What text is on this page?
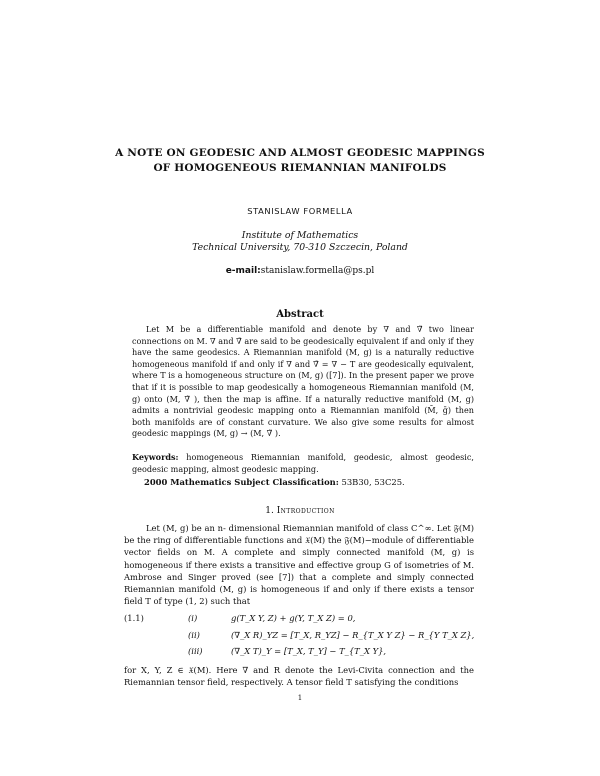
A NOTE ON GEODESIC AND ALMOST GEODESIC MAPPINGS
OF HOMOGENEOUS RIEMANNIAN MANIFOLDS
STANISLAW FORMELLA
Institute of Mathematics
Technical University, 70-310 Szczecin, Poland
e-mail:stanislaw.formella@ps.pl
Abstract

Let M be a differentiable manifold and denote by ∇ and ∇̃ two linear connections on M. ∇ and ∇̃ are said to be geodesically equivalent if and only if they have the same geodesics. A Riemannian manifold (M, g) is a naturally reductive homogeneous manifold if and only if ∇ and ∇̃ = ∇ − T are geodesically equivalent, where T is a homogeneous structure on (M, g) ([7]). In the present paper we prove that if it is possible to map geodesically a homogeneous Riemannian manifold (M, g) onto (M, ∇̃ ), then the map is affine. If a naturally reductive manifold (M, g) admits a nontrivial geodesic mapping onto a Riemannian manifold (M̄, ḡ) then both manifolds are of constant curvature. We also give some results for almost geodesic mappings (M, g) → (M, ∇̃ ).

Keywords: homogeneous Riemannian manifold, geodesic, almost geodesic, geodesic mapping, almost geodesic mapping.

2000 Mathematics Subject Classification: 53B30, 53C25.
1. Introduction

Let (M, g) be an n- dimensional Riemannian manifold of class C^∞. Let 𝔉(M) be the ring of differentiable functions and 𝔛(M) the 𝔉(M)−module of differentiable vector fields on M. A complete and simply connected manifold (M, g) is homogeneous if there exists a transitive and effective group G of isometries of M. Ambrose and Singer proved (see [7]) that a complete and simply connected Riemannian manifold (M, g) is homogeneous if and only if there exists a tensor field T of type (1, 2) such that

(1.1)	(i)	g(T_X Y, Z) + g(Y, T_X Z) = 0,
(ii)	(∇_X R)_YZ = [T_X, R_YZ] − R_{T_X Y Z} − R_{Y T_X Z},
(iii)	(∇_X T)_Y = [T_X, T_Y] − T_{T_X Y},

for X, Y, Z ∈ 𝔛(M). Here ∇ and R denote the Levi-Civita connection and the Riemannian tensor field, respectively. A tensor field T satisfying the conditions

1
